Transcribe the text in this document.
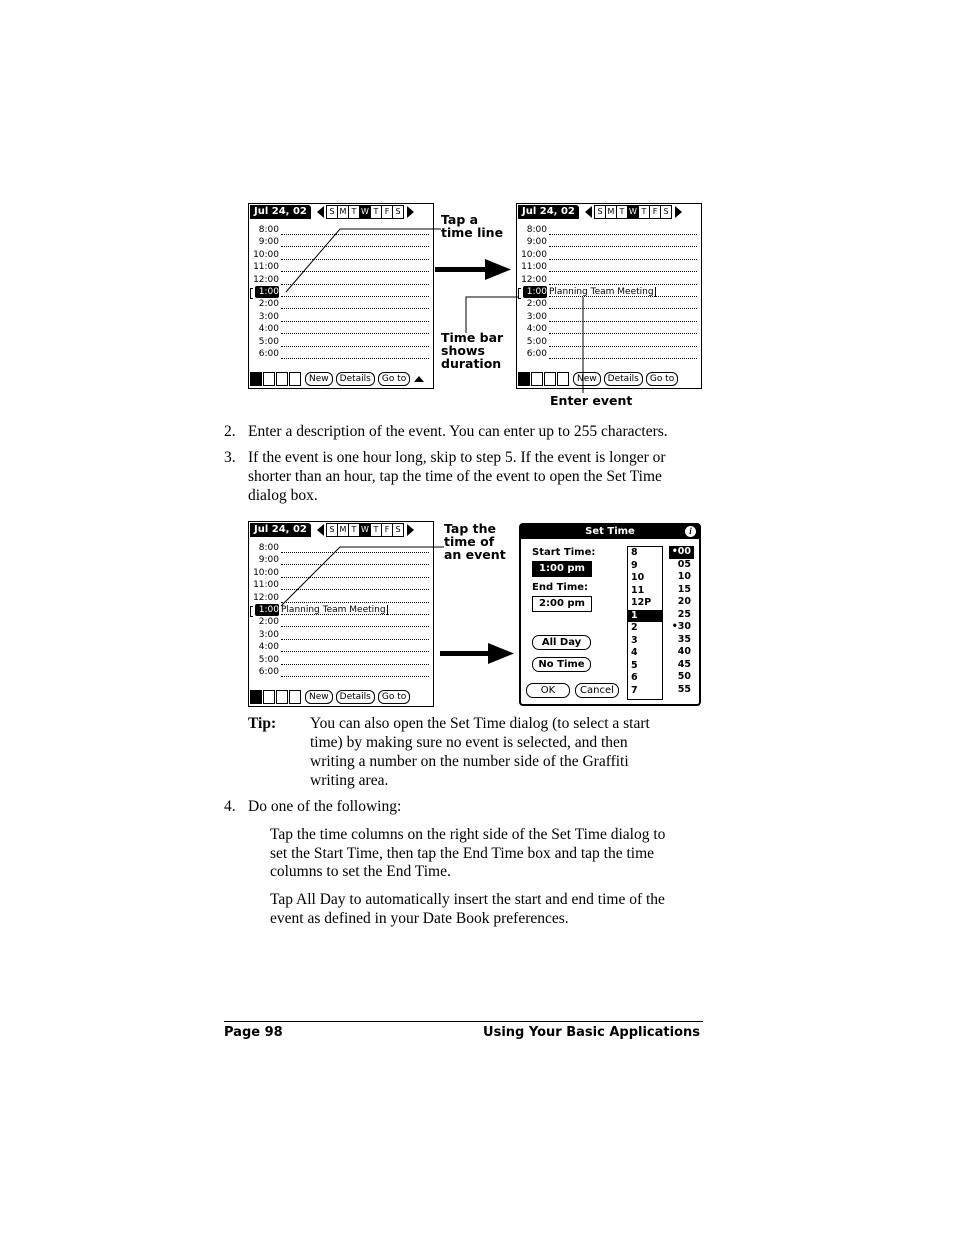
Jul 24, 02	S M T W T F S
8:00
9:00
10:00
11:00
12:00
1:00
2:00
3:00
4:00
5:00
6:00
New	Details	Go to
Jul 24, 02	S M T W T F S
8:00
9:00
10:00
11:00
12:00
1:00 Planning Team Meeting
2:00
3:00
4:00
5:00
6:00
New	Details	Go to
Jul 24, 02	S M T W T F S
8:00
9:00
10:00
11:00
12:00
1:00 Planning Team Meeting
2:00
3:00
4:00
5:00
6:00
New	Details	Go to
Set Time	i
Start Time:
1:00 pm
End Time:
2:00 pm
All Day
No Time
OK	Cancel
8
9
10
11
12P
1
2
3
4
5
6
7
•00
05
10
15
20
25
•30
35
40
45
50
55
Tap a
time line
Time bar
shows
duration
Enter event
Tap the
time of
an event
2. Enter a description of the event. You can enter up to 255 characters.
3. If the event is one hour long, skip to step 5. If the event is longer or
shorter than an hour, tap the time of the event to open the Set Time
dialog box.
Tip: You can also open the Set Time dialog (to select a start
time) by making sure no event is selected, and then
writing a number on the number side of the Graffiti
writing area.
4. Do one of the following:
Tap the time columns on the right side of the Set Time dialog to
set the Start Time, then tap the End Time box and tap the time
columns to set the End Time.
Tap All Day to automatically insert the start and end time of the
event as defined in your Date Book preferences.
Page 98	Using Your Basic Applications
